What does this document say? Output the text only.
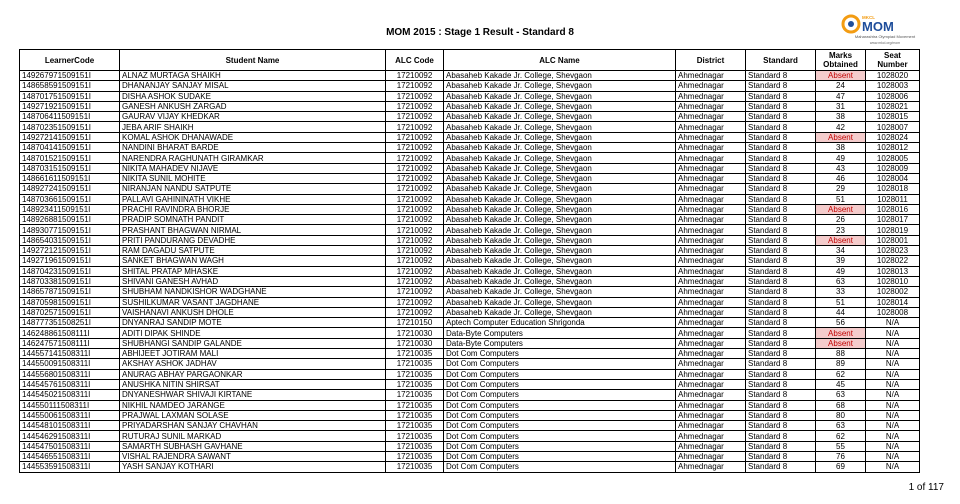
MOM 2015 : Stage 1 Result - Standard 8
MKCL
MOM
Maharashtra Olympiad Movement
www.mkcl.org/mom
LearnerCode	Student Name	ALC Code	ALC Name	District	Standard	Marks Obtained	Seat Number
149267971509151I	ALNAZ MURTAGA SHAIKH	17210092	Abasaheb Kakade Jr. College, Shevgaon	Ahmednagar	Standard 8	Absent	1028020
148658591509151I	DHANANJAY SANJAY MISAL	17210092	Abasaheb Kakade Jr. College, Shevgaon	Ahmednagar	Standard 8	24	1028003
148701751509151I	DISHA ASHOK SUDAKE	17210092	Abasaheb Kakade Jr. College, Shevgaon	Ahmednagar	Standard 8	47	1028006
149271921509151I	GANESH ANKUSH ZARGAD	17210092	Abasaheb Kakade Jr. College, Shevgaon	Ahmednagar	Standard 8	31	1028021
148706411509151I	GAURAV VIJAY KHEDKAR	17210092	Abasaheb Kakade Jr. College, Shevgaon	Ahmednagar	Standard 8	38	1028015
148702351509151I	JEBA ARIF SHAIKH	17210092	Abasaheb Kakade Jr. College, Shevgaon	Ahmednagar	Standard 8	42	1028007
149272141509151I	KOMAL ASHOK DHANAWADE	17210092	Abasaheb Kakade Jr. College, Shevgaon	Ahmednagar	Standard 8	Absent	1028024
148704141509151I	NANDINI BHARAT BARDE	17210092	Abasaheb Kakade Jr. College, Shevgaon	Ahmednagar	Standard 8	38	1028012
148701521509151I	NARENDRA RAGHUNATH GIRAMKAR	17210092	Abasaheb Kakade Jr. College, Shevgaon	Ahmednagar	Standard 8	49	1028005
148703151509151I	NIKITA MAHADEV NIJAVE	17210092	Abasaheb Kakade Jr. College, Shevgaon	Ahmednagar	Standard 8	43	1028009
148661611509151I	NIKITA SUNIL MOHITE	17210092	Abasaheb Kakade Jr. College, Shevgaon	Ahmednagar	Standard 8	46	1028004
148927241509151I	NIRANJAN NANDU SATPUTE	17210092	Abasaheb Kakade Jr. College, Shevgaon	Ahmednagar	Standard 8	29	1028018
148703661509151I	PALLAVI GAHININATH VIKHE	17210092	Abasaheb Kakade Jr. College, Shevgaon	Ahmednagar	Standard 8	51	1028011
148923411509151I	PRACHI RAVINDRA BHORJE	17210092	Abasaheb Kakade Jr. College, Shevgaon	Ahmednagar	Standard 8	Absent	1028016
148926881509151I	PRADIP SOMNATH PANDIT	17210092	Abasaheb Kakade Jr. College, Shevgaon	Ahmednagar	Standard 8	26	1028017
148930771509151I	PRASHANT BHAGWAN NIRMAL	17210092	Abasaheb Kakade Jr. College, Shevgaon	Ahmednagar	Standard 8	23	1028019
148654031509151I	PRITI PANDURANG DEVADHE	17210092	Abasaheb Kakade Jr. College, Shevgaon	Ahmednagar	Standard 8	Absent	1028001
149272121509151I	RAM DAGADU SATPUTE	17210092	Abasaheb Kakade Jr. College, Shevgaon	Ahmednagar	Standard 8	34	1028023
149271961509151I	SANKET BHAGWAN WAGH	17210092	Abasaheb Kakade Jr. College, Shevgaon	Ahmednagar	Standard 8	39	1028022
148704231509151I	SHITAL PRATAP MHASKE	17210092	Abasaheb Kakade Jr. College, Shevgaon	Ahmednagar	Standard 8	49	1028013
148703381509151I	SHIVANI GANESH AVHAD	17210092	Abasaheb Kakade Jr. College, Shevgaon	Ahmednagar	Standard 8	63	1028010
148657871509151I	SHUBHAM NANDKISHOR WADGHANE	17210092	Abasaheb Kakade Jr. College, Shevgaon	Ahmednagar	Standard 8	33	1028002
148705981509151I	SUSHILKUMAR VASANT JAGDHANE	17210092	Abasaheb Kakade Jr. College, Shevgaon	Ahmednagar	Standard 8	51	1028014
148702571509151I	VAISHANAVI ANKUSH DHOLE	17210092	Abasaheb Kakade Jr. College, Shevgaon	Ahmednagar	Standard 8	44	1028008
148777351508251I	DNYANRAJ SANDIP MOTE	17210150	Aptech Computer Education Shrigonda	Ahmednagar	Standard 8	56	N/A
146248861508111I	ADITI DIPAK SHINDE	17210030	Data-Byte Computers	Ahmednagar	Standard 8	Absent	N/A
146247571508111I	SHUBHANGI SANDIP GALANDE	17210030	Data-Byte Computers	Ahmednagar	Standard 8	Absent	N/A
144557141508311I	ABHIJEET JOTIRAM MALI	17210035	Dot Com Computers	Ahmednagar	Standard 8	88	N/A
144550091508311I	AKSHAY ASHOK JADHAV	17210035	Dot Com Computers	Ahmednagar	Standard 8	89	N/A
144556801508311I	ANURAG ABHAY PARGAONKAR	17210035	Dot Com Computers	Ahmednagar	Standard 8	62	N/A
144545761508311I	ANUSHKA NITIN SHIRSAT	17210035	Dot Com Computers	Ahmednagar	Standard 8	45	N/A
144545021508311I	DNYANESHWAR SHIVAJI KIRTANE	17210035	Dot Com Computers	Ahmednagar	Standard 8	63	N/A
144550111508311I	NIKHIL NAMDEO JARANGE	17210035	Dot Com Computers	Ahmednagar	Standard 8	68	N/A
144550061508311I	PRAJWAL LAXMAN SOLASE	17210035	Dot Com Computers	Ahmednagar	Standard 8	80	N/A
144548101508311I	PRIYADARSHAN SANJAY CHAVHAN	17210035	Dot Com Computers	Ahmednagar	Standard 8	63	N/A
144546291508311I	RUTURAJ SUNIL MARKAD	17210035	Dot Com Computers	Ahmednagar	Standard 8	62	N/A
144547501508311I	SAMARTH SUBHASH GAVHANE	17210035	Dot Com Computers	Ahmednagar	Standard 8	55	N/A
144546551508311I	VISHAL RAJENDRA SAWANT	17210035	Dot Com Computers	Ahmednagar	Standard 8	76	N/A
144553591508311I	YASH SANJAY KOTHARI	17210035	Dot Com Computers	Ahmednagar	Standard 8	69	N/A
1 of 117
